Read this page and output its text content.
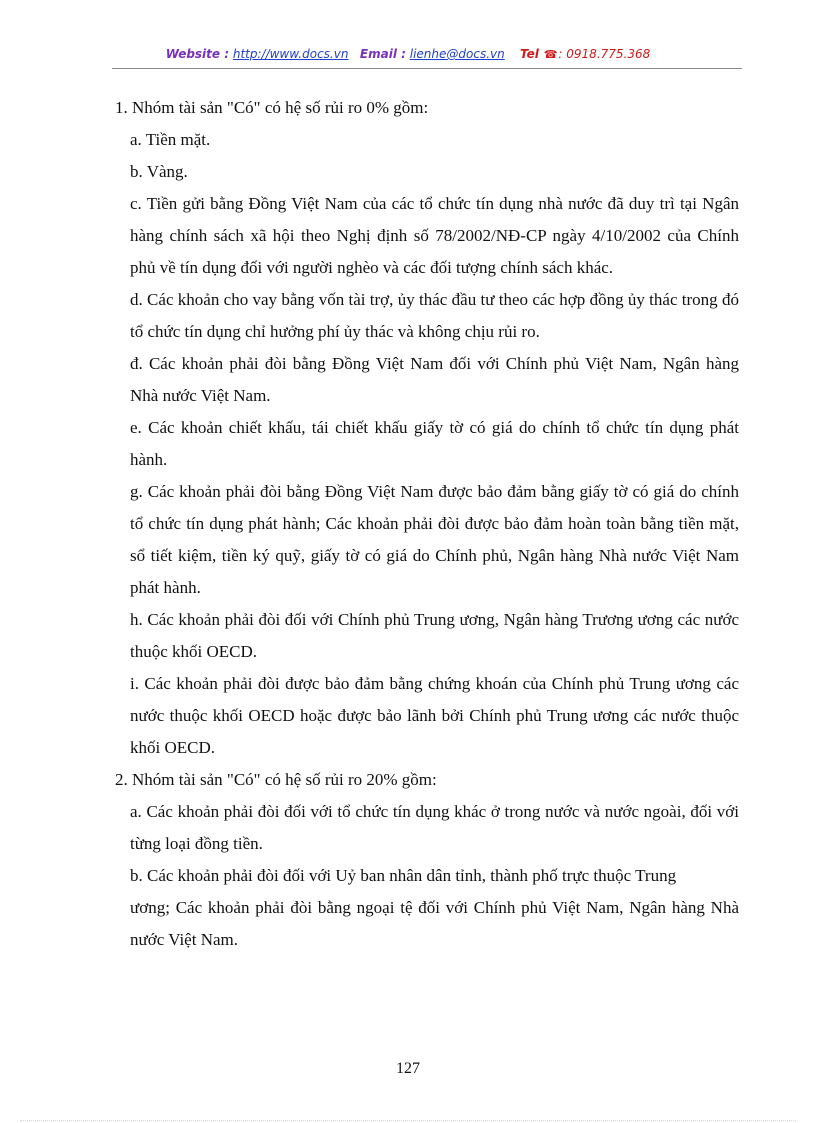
Website : http://www.docs.vn Email : lienhe@docs.vn Tel ☎: 0918.775.368

1. Nhóm tài sản "Có" có hệ số rủi ro 0% gồm:

a. Tiền mặt.

b. Vàng.

c. Tiền gửi bằng Đồng Việt Nam của các tổ chức tín dụng nhà nước đã duy trì tại Ngân hàng chính sách xã hội theo Nghị định số 78/2002/NĐ-CP ngày 4/10/2002 của Chính phủ về tín dụng đối với người nghèo và các đối tượng chính sách khác.

d. Các khoản cho vay bằng vốn tài trợ, ủy thác đầu tư theo các hợp đồng ủy thác trong đó tổ chức tín dụng chỉ hưởng phí ủy thác và không chịu rủi ro.

đ. Các khoản phải đòi bằng Đồng Việt Nam đối với Chính phủ Việt Nam, Ngân hàng Nhà nước Việt Nam.

e. Các khoản chiết khấu, tái chiết khấu giấy tờ có giá do chính tổ chức tín dụng phát hành.

g. Các khoản phải đòi bằng Đồng Việt Nam được bảo đảm bằng giấy tờ có giá do chính tổ chức tín dụng phát hành; Các khoản phải đòi được bảo đảm hoàn toàn bằng tiền mặt, sổ tiết kiệm, tiền ký quỹ, giấy tờ có giá do Chính phủ, Ngân hàng Nhà nước Việt Nam phát hành.

h. Các khoản phải đòi đối với Chính phủ Trung ương, Ngân hàng Trương ương các nước thuộc khối OECD.

i. Các khoản phải đòi được bảo đảm bằng chứng khoán của Chính phủ Trung ương các nước thuộc khối OECD hoặc được bảo lãnh bởi Chính phủ Trung ương các nước thuộc khối OECD.

2. Nhóm tài sản "Có" có hệ số rủi ro 20% gồm:

a. Các khoản phải đòi đối với tổ chức tín dụng khác ở trong nước và nước ngoài, đối với từng loại đồng tiền.

b. Các khoản phải đòi đối với Uỷ ban nhân dân tỉnh, thành phố trực thuộc Trung

ương; Các khoản phải đòi bằng ngoại tệ đối với Chính phủ Việt Nam, Ngân hàng Nhà nước Việt Nam.

127
